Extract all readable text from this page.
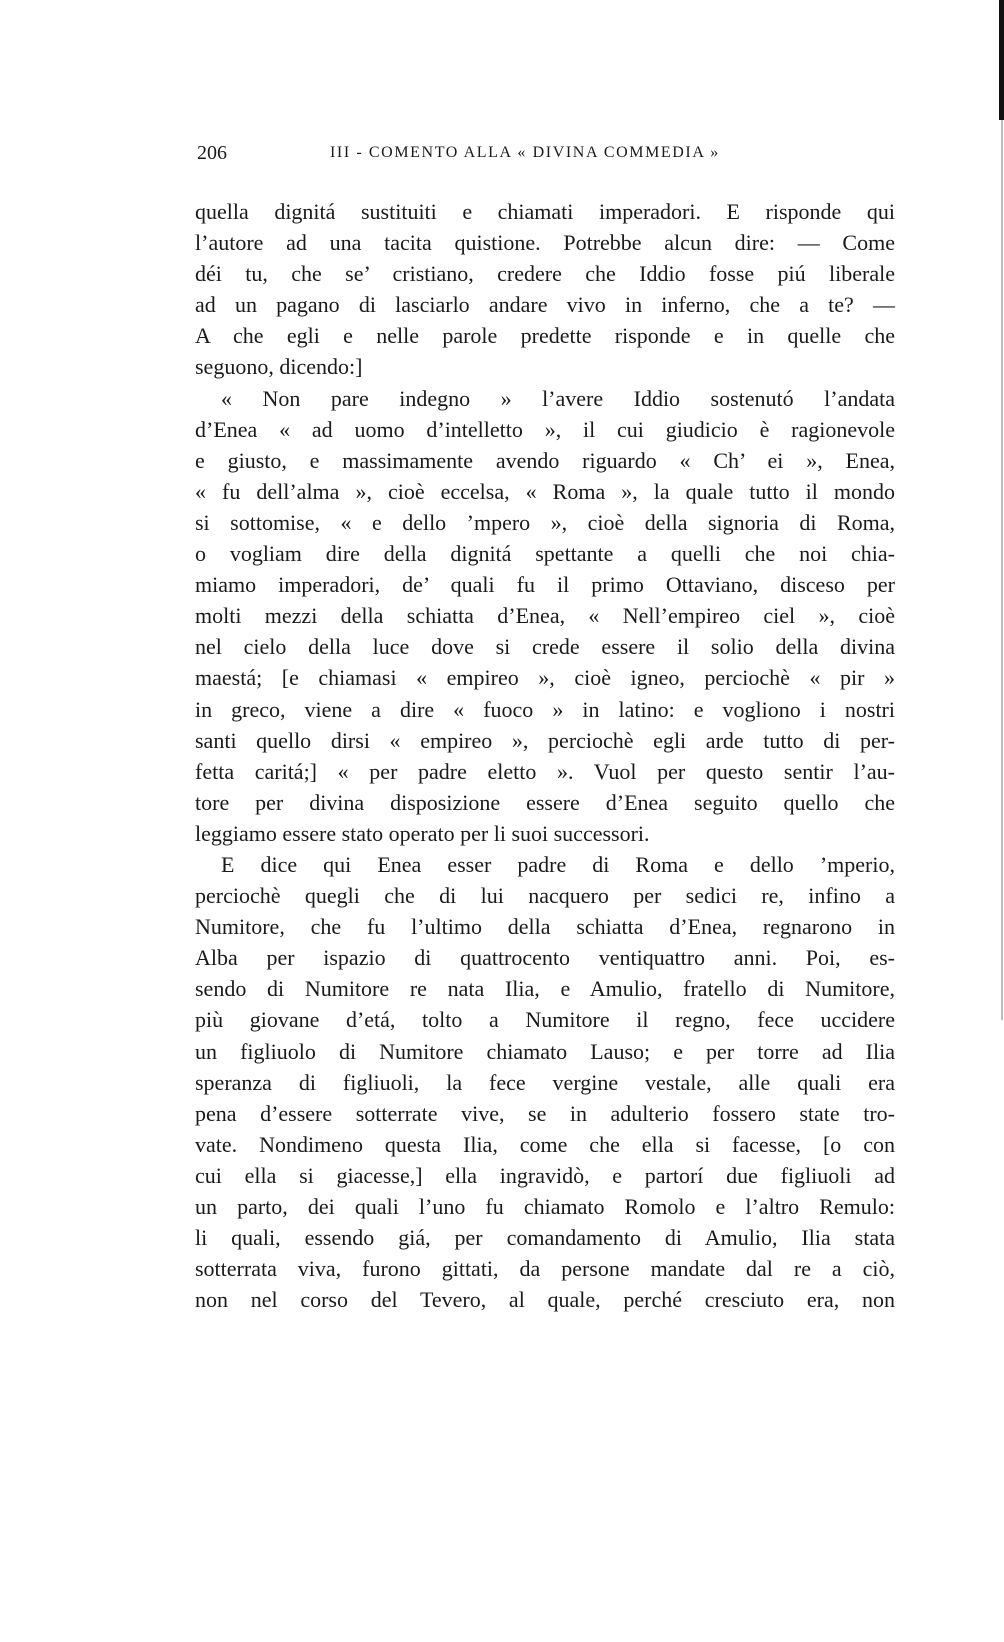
206	III - COMENTO ALLA « DIVINA COMMEDIA »
quella dignitá sustituiti e chiamati imperadori. E risponde qui
l’autore ad una tacita quistione. Potrebbe alcun dire: — Come
déi tu, che se’ cristiano, credere che Iddio fosse piú liberale
ad un pagano di lasciarlo andare vivo in inferno, che a te? —
A che egli e nelle parole predette risponde e in quelle che
seguono, dicendo:]
« Non pare indegno » l’avere Iddio sostenutó l’andata
d’Enea « ad uomo d’intelletto », il cui giudicio è ragionevole
e giusto, e massimamente avendo riguardo « Ch’ ei », Enea,
« fu dell’alma », cioè eccelsa, « Roma », la quale tutto il mondo
si sottomise, « e dello ’mpero », cioè della signoria di Roma,
o vogliam dire della dignitá spettante a quelli che noi chia-
miamo imperadori, de’ quali fu il primo Ottaviano, disceso per
molti mezzi della schiatta d’Enea, « Nell’empireo ciel », cioè
nel cielo della luce dove si crede essere il solio della divina
maestá; [e chiamasi « empireo », cioè igneo, perciochè « pir »
in greco, viene a dire « fuoco » in latino: e vogliono i nostri
santi quello dirsi « empireo », perciochè egli arde tutto di per-
fetta caritá;] « per padre eletto ». Vuol per questo sentir l’au-
tore per divina disposizione essere d’Enea seguito quello che
leggiamo essere stato operato per li suoi successori.
E dice qui Enea esser padre di Roma e dello ’mperio,
perciochè quegli che di lui nacquero per sedici re, infino a
Numitore, che fu l’ultimo della schiatta d’Enea, regnarono in
Alba per ispazio di quattrocento ventiquattro anni. Poi, es-
sendo di Numitore re nata Ilia, e Amulio, fratello di Numitore,
più giovane d’etá, tolto a Numitore il regno, fece uccidere
un figliuolo di Numitore chiamato Lauso; e per torre ad Ilia
speranza di figliuoli, la fece vergine vestale, alle quali era
pena d’essere sotterrate vive, se in adulterio fossero state tro-
vate. Nondimeno questa Ilia, come che ella si facesse, [o con
cui ella si giacesse,] ella ingravidò, e partorí due figliuoli ad
un parto, dei quali l’uno fu chiamato Romolo e l’altro Remulo:
li quali, essendo giá, per comandamento di Amulio, Ilia stata
sotterrata viva, furono gittati, da persone mandate dal re a ciò,
non nel corso del Tevero, al quale, perché cresciuto era, non
